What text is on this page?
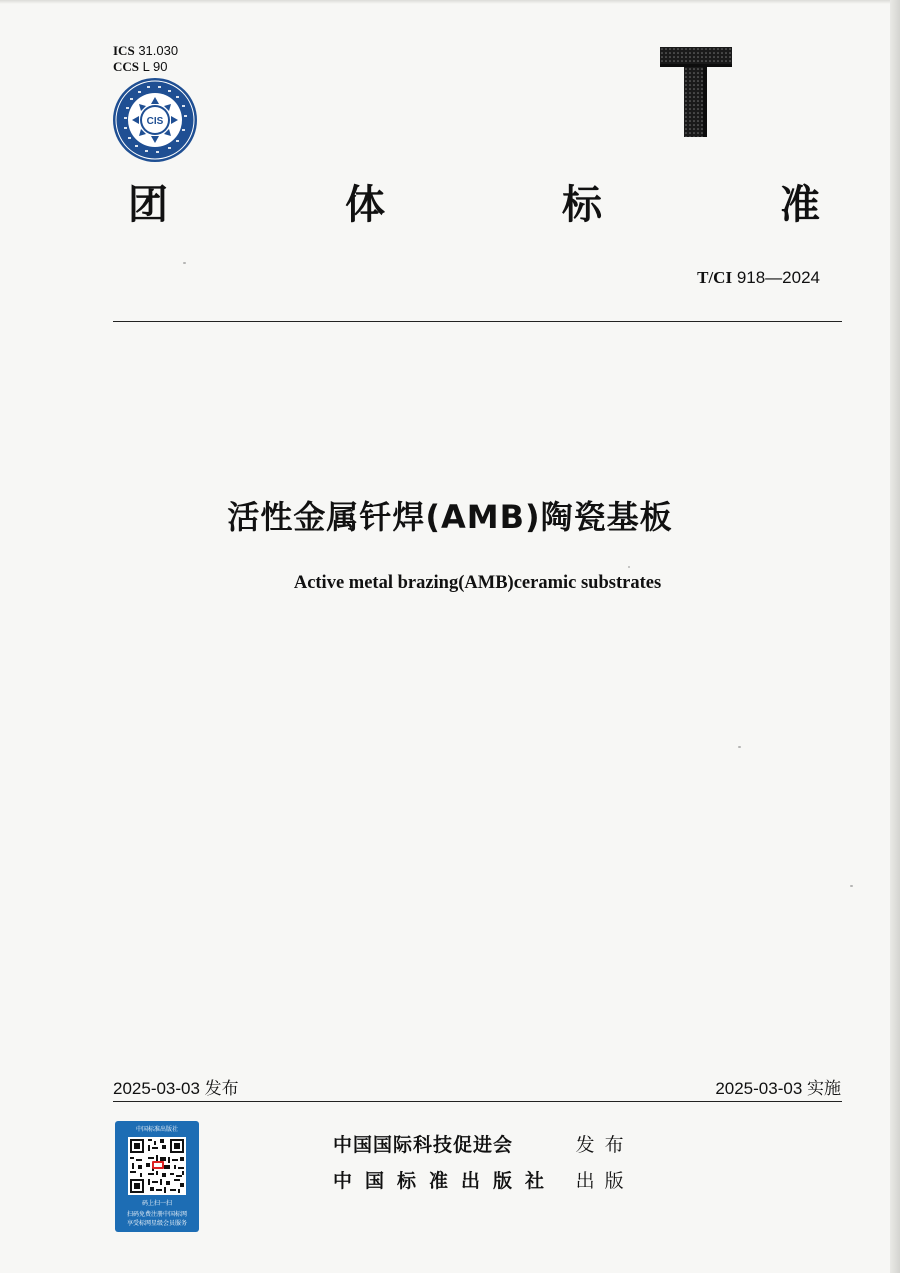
ICS 31.030
CCS L 90
CIS
团	体	标	准
T/CI 918—2024
活性金属钎焊(AMB)陶瓷基板
Active metal brazing(AMB)ceramic substrates
2025-03-03 发布	2025-03-03 实施
中国标准出版社
码上扫一扫
扫码免费注册中国标网
享受标网星级会员服务
中国国际科技促进会	发布
中国标准出版社 出版
